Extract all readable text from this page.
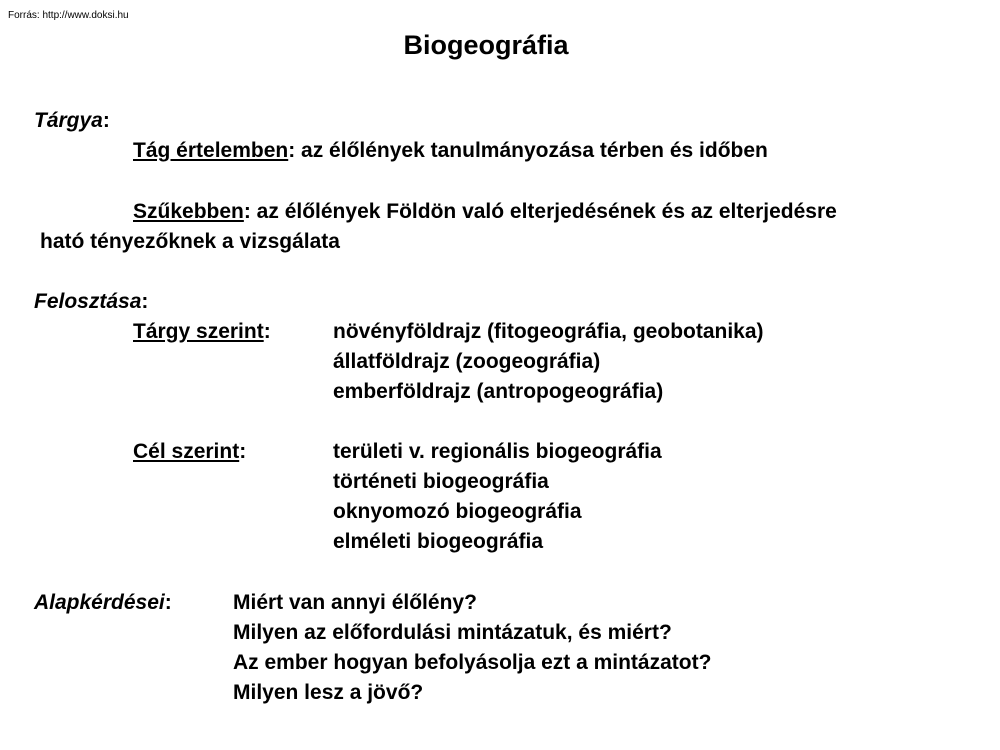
Forrás: http://www.doksi.hu
Biogeográfia
Tárgya:
Tág értelemben: az élőlények tanulmányozása térben és időben
Szűkebben: az élőlények Földön való elterjedésének és az elterjedésre
ható tényezőknek a vizsgálata
Felosztása:
Tárgy szerint:	növényföldrajz (fitogeográfia, geobotanika)
állatföldrajz (zoogeográfia)
emberföldrajz (antropogeográfia)
Cél szerint:	területi v. regionális biogeográfia
történeti biogeográfia
oknyomozó biogeográfia
elméleti biogeográfia
Alapkérdései:	Miért van annyi élőlény?
Milyen az előfordulási mintázatuk, és miért?
Az ember hogyan befolyásolja ezt a mintázatot?
Milyen lesz a jövő?
